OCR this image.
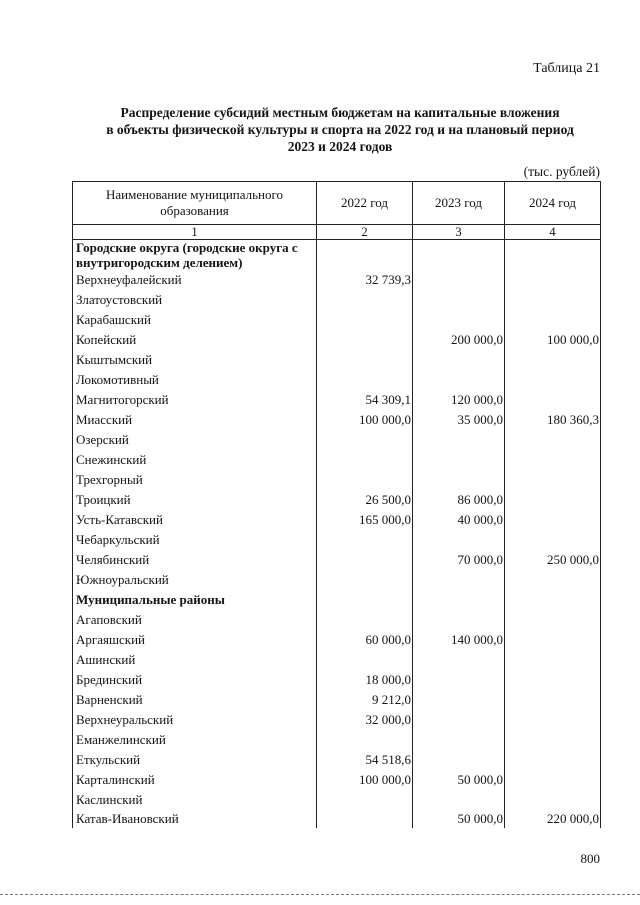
Таблица 21
Распределение субсидий местным бюджетам на капитальные вложения
в объекты физической культуры и спорта на 2022 год и на плановый период
2023 и 2024 годов
(тыс. рублей)
Наименование муниципального образования	2022 год	2023 год	2024 год
1	2	3	4
Городские округа (городские округа с внутригородским делением)			
Верхнеуфалейский	32 739,3		
Златоустовский			
Карабашский			
Копейский		200 000,0	100 000,0
Кыштымский			
Локомотивный			
Магнитогорский	54 309,1	120 000,0	
Миасский	100 000,0	35 000,0	180 360,3
Озерский			
Снежинский			
Трехгорный			
Троицкий	26 500,0	86 000,0	
Усть-Катавский	165 000,0	40 000,0	
Чебаркульский			
Челябинский		70 000,0	250 000,0
Южноуральский			
Муниципальные районы			
Агаповский			
Аргаяшский	60 000,0	140 000,0	
Ашинский			
Брединский	18 000,0		
Варненский	9 212,0		
Верхнеуральский	32 000,0		
Еманжелинский			
Еткульский	54 518,6		
Карталинский	100 000,0	50 000,0	
Каслинский			
Катав-Ивановский		50 000,0	220 000,0
800
